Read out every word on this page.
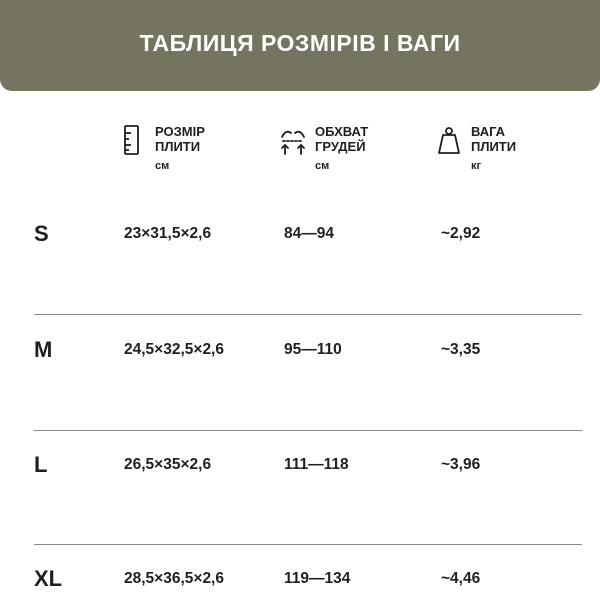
ТАБЛИЦЯ РОЗМІРІВ І ВАГИ
РОЗМІР
ПЛИТИ
см
ОБХВАТ
ГРУДЕЙ
см
ВАГА
ПЛИТИ
кг
S	23×31,5×2,6	84—94	~2,92
M	24,5×32,5×2,6	95—110	~3,35
L	26,5×35×2,6	111—118	~3,96
XL	28,5×36,5×2,6	119—134	~4,46
